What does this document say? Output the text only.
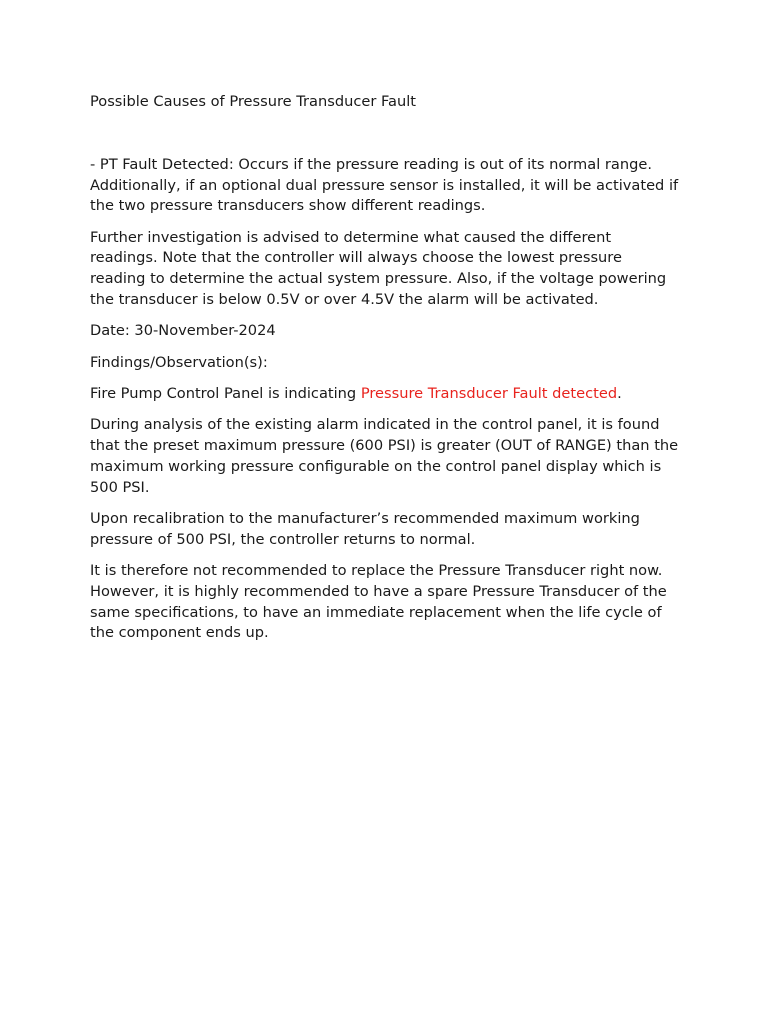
Possible Causes of Pressure Transducer Fault

- PT Fault Detected: Occurs if the pressure reading is out of its normal range. Additionally, if an optional dual pressure sensor is installed, it will be activated if the two pressure transducers show different readings.

Further investigation is advised to determine what caused the different readings. Note that the controller will always choose the lowest pressure reading to determine the actual system pressure. Also, if the voltage powering the transducer is below 0.5V or over 4.5V the alarm will be activated.

Date: 30-November-2024

Findings/Observation(s):

Fire Pump Control Panel is indicating Pressure Transducer Fault detected.

During analysis of the existing alarm indicated in the control panel, it is found that the preset maximum pressure (600 PSI) is greater (OUT of RANGE) than the maximum working pressure configurable on the control panel display which is 500 PSI.

Upon recalibration to the manufacturer’s recommended maximum working pressure of 500 PSI, the controller returns to normal.

It is therefore not recommended to replace the Pressure Transducer right now. However, it is highly recommended to have a spare Pressure Transducer of the same specifications, to have an immediate replacement when the life cycle of the component ends up.
